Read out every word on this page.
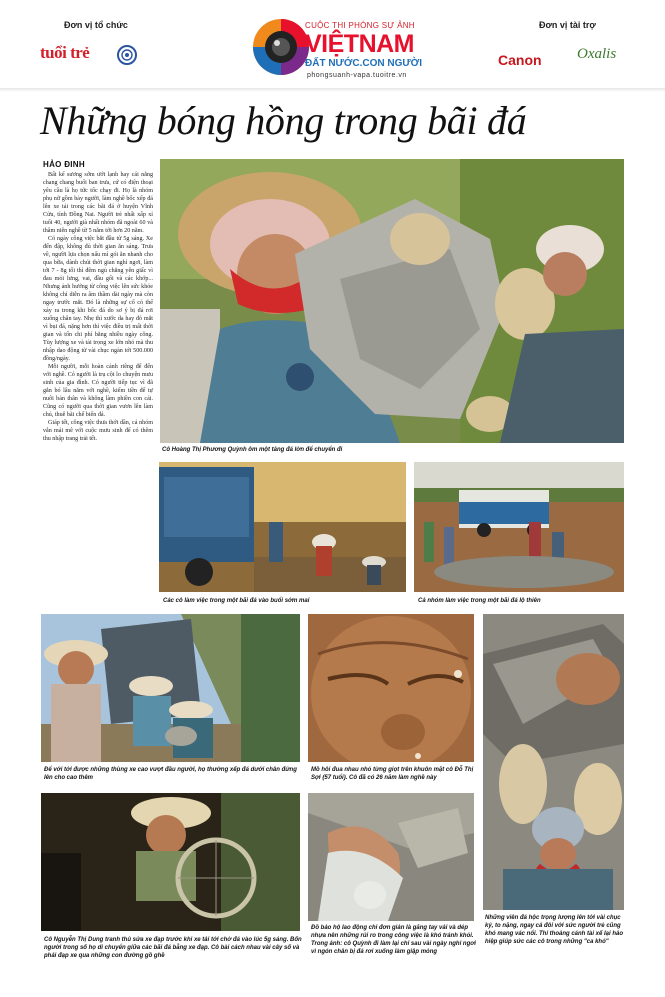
Đơn vị tổ chức	Đơn vị tài trợ
tuổi trẻ
CUỘC THI PHÓNG SỰ ẢNH
VIỆTNAM
ĐẤT NƯỚC.CON NGƯỜI
phongsuanh-vapa.tuoitre.vn
Canon Oxalis
Những bóng hồng trong bãi đá
HẢO ĐINH

Bất kể sương sớm ướt lạnh hay cái nắng chang chang buổi ban trưa, cứ có điện thoại yêu cầu là họ tức tốc chạy đi. Họ là nhóm phụ nữ gồm bảy người, làm nghề bốc xếp đá lên xe tải trong các bãi đá ở huyện Vĩnh Cửu, tỉnh Đồng Nai. Người trẻ nhất xấp xỉ tuổi 40, người già nhất nhóm đã ngoài 60 và thâm niên nghề từ 5 năm tới hơn 20 năm.

Có ngày công việc bắt đầu từ 5g sáng. Xe đến đập, không đủ thời gian ăn sáng. Trưa về, người lựa chọn nấu mì gói ăn nhanh cho qua bữa, dành chút thời gian nghỉ ngơi, làm tới 7 - 8g tối thì đêm ngủ chẳng yên giấc vì đau mỏi lưng, vai, đầu gối và các khớp... Nhưng ảnh hưởng từ công việc lên sức khỏe không chỉ diễn ra âm thầm dài ngày mà còn ngay trước mắt. Đó là những sự cố có thể xảy ra trong khi bốc đá do sơ ý bị đá rơi xuống chân tay. Nhẹ thì xước da hay đỏ mắt vì bụi đá, nặng hơn thì việc điều trị mất thời gian và tốn chi phí bằng nhiều ngày công. Tùy lượng xe và tải trọng xe lớn nhỏ mà thu nhập dao động từ vài chục ngàn tới 500.000 đồng/ngày.

Mỗi người, mỗi hoàn cảnh riêng để đến với nghề. Có người là trụ cột lo chuyện mưu sinh của gia đình. Có người tiếp tục vì đã gắn bó lâu năm với nghề, kiếm tiền để tự nuôi bản thân và không làm phiền con cái. Cũng có người qua thời gian vươn lên làm chủ, thuê bãi chế biến đá.

Giáp tết, công việc thưa thớt dần, cả nhóm vẫn mải mê với cuộc mưu sinh để có thêm thu nhập trang trải tết.

Cô Hoàng Thị Phương Quỳnh ôm một tảng đá lớn để chuyển đi
Các cô làm việc trong một bãi đá vào buổi sớm mai	Cả nhóm làm việc trong một bãi đá lộ thiên
Để với tới được những thùng xe cao vượt đầu người, họ thường xếp đá dưới chân đứng lên cho cao thêm
Mồ hôi đua nhau nhỏ từng giọt trên khuôn mặt cô Đỗ Thị Sợi (57 tuổi). Cô đã có 26 năm làm nghề này
Những viên đá hộc trọng lượng lên tới vài chục ký, to nặng, ngay cả đôi với sức người trẻ cũng khó mang vác nổi. Thỉ thoảng cánh tài xế lại hảo hiệp giúp sức các cô trong những "ca khó"
Cô Nguyễn Thị Dung tranh thủ sửa xe đạp trước khi xe tải tới chở đá vào lúc 5g sáng. Bốn người trong số họ di chuyển giữa các bãi đá bằng xe đạp. Cô bài cách nhau vài cây số và phải đạp xe qua những con đường gồ ghề
Đồ bảo hộ lao động chỉ đơn giản là găng tay vải và dép nhựa nên những rủi ro trong công việc là khó tránh khỏi. Trong ảnh: cô Quỳnh đi làm lại chỉ sau vài ngày nghỉ ngơi vì ngón chân bị đá rơi xuống làm giập móng
